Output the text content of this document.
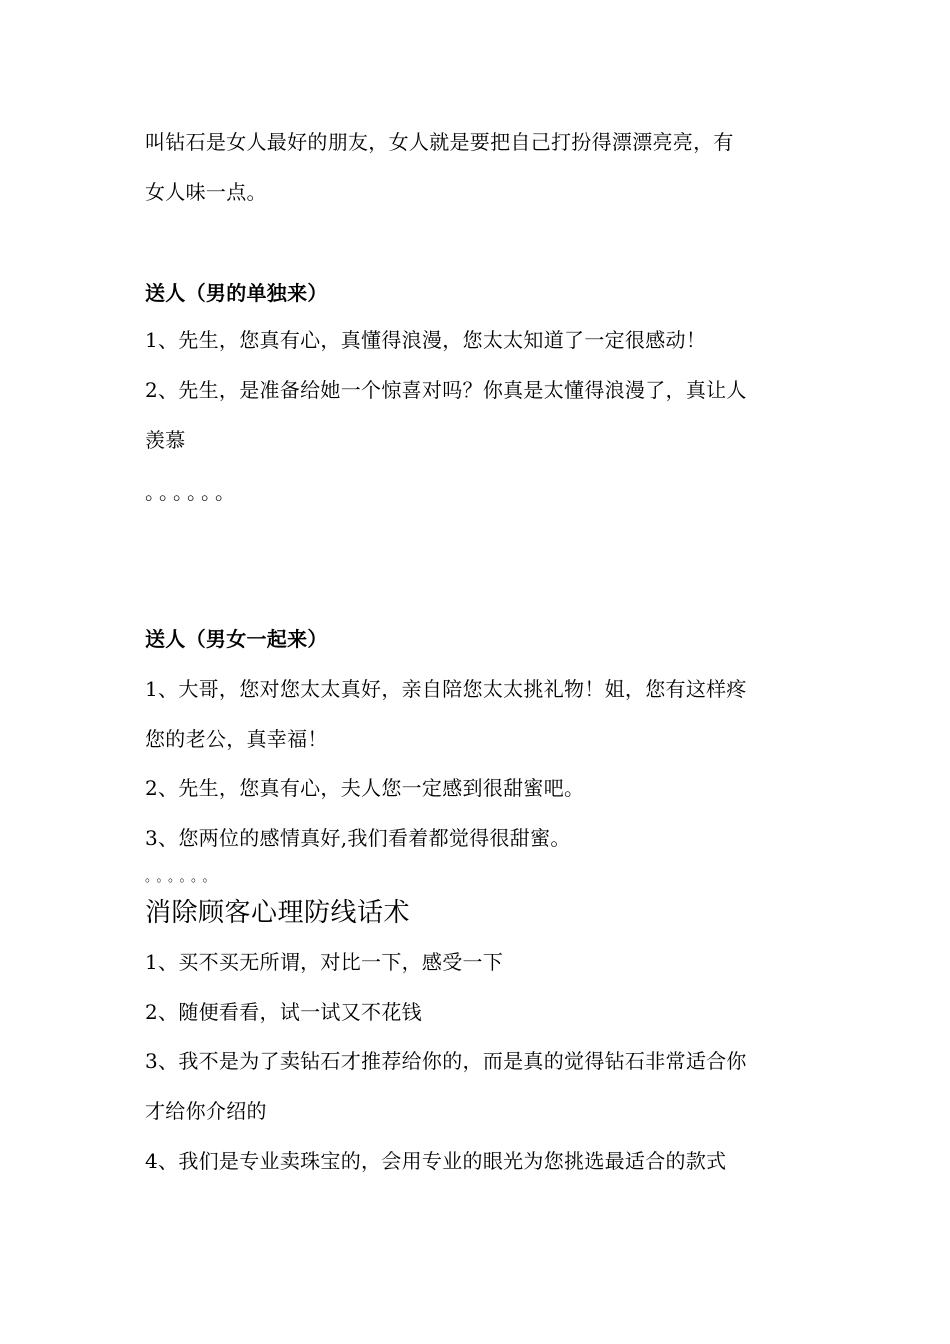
叫钻石是女人最好的朋友，女人就是要把自己打扮得漂漂亮亮，有
女人味一点。
送人（男的单独来）
1、先生，您真有心，真懂得浪漫，您太太知道了一定很感动！
2、先生，是准备给她一个惊喜对吗？你真是太懂得浪漫了，真让人
羡慕
。。。。。。
送人（男女一起来）
1、大哥，您对您太太真好，亲自陪您太太挑礼物！姐，您有这样疼
您的老公，真幸福！
2、先生，您真有心，夫人您一定感到很甜蜜吧。
3、您两位的感情真好,我们看着都觉得很甜蜜。
。。。。。。
消除顾客心理防线话术
1、买不买无所谓，对比一下，感受一下
2、随便看看，试一试又不花钱
3、我不是为了卖钻石才推荐给你的，而是真的觉得钻石非常适合你
才给你介绍的
4、我们是专业卖珠宝的，会用专业的眼光为您挑选最适合的款式
